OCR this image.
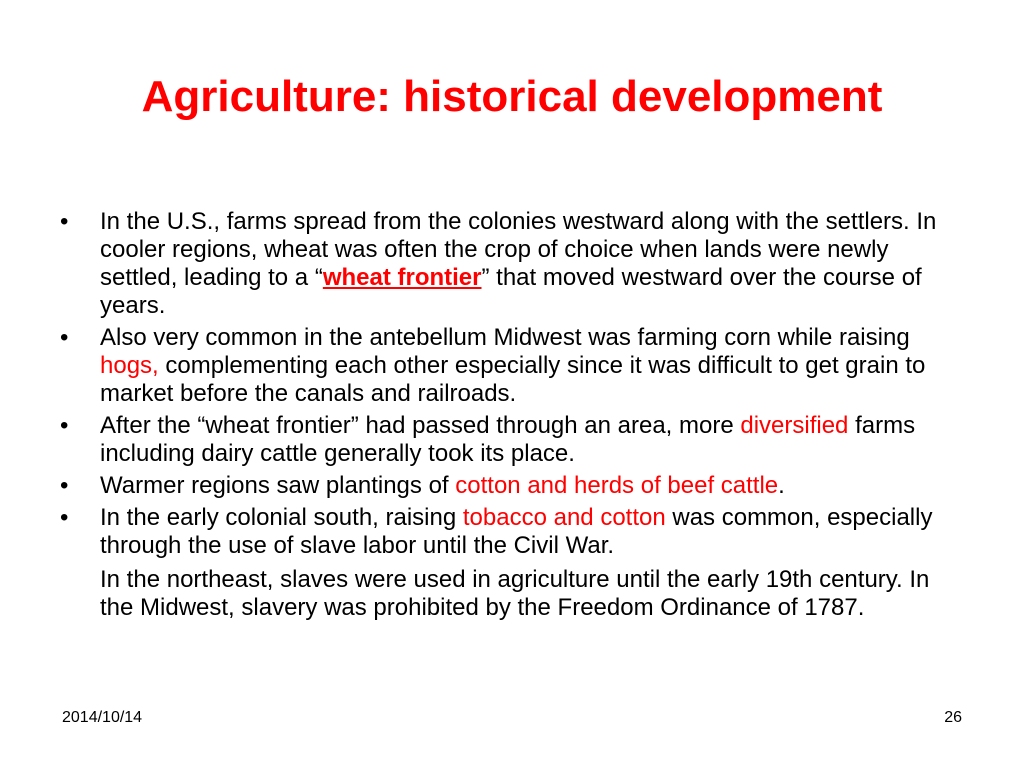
Agriculture: historical development
•	In the U.S., farms spread from the colonies westward along with the settlers. In cooler regions, wheat was often the crop of choice when lands were newly settled, leading to a “wheat frontier” that moved westward over the course of years.
•	Also very common in the antebellum Midwest was farming corn while raising hogs, complementing each other especially since it was difficult to get grain to market before the canals and railroads.
•	After the “wheat frontier” had passed through an area, more diversified farms including dairy cattle generally took its place.
•	Warmer regions saw plantings of cotton and herds of beef cattle.
•	In the early colonial south, raising tobacco and cotton was common, especially through the use of slave labor until the Civil War.
In the northeast, slaves were used in agriculture until the early 19th century. In the Midwest, slavery was prohibited by the Freedom Ordinance of 1787.
2014/10/14	26
